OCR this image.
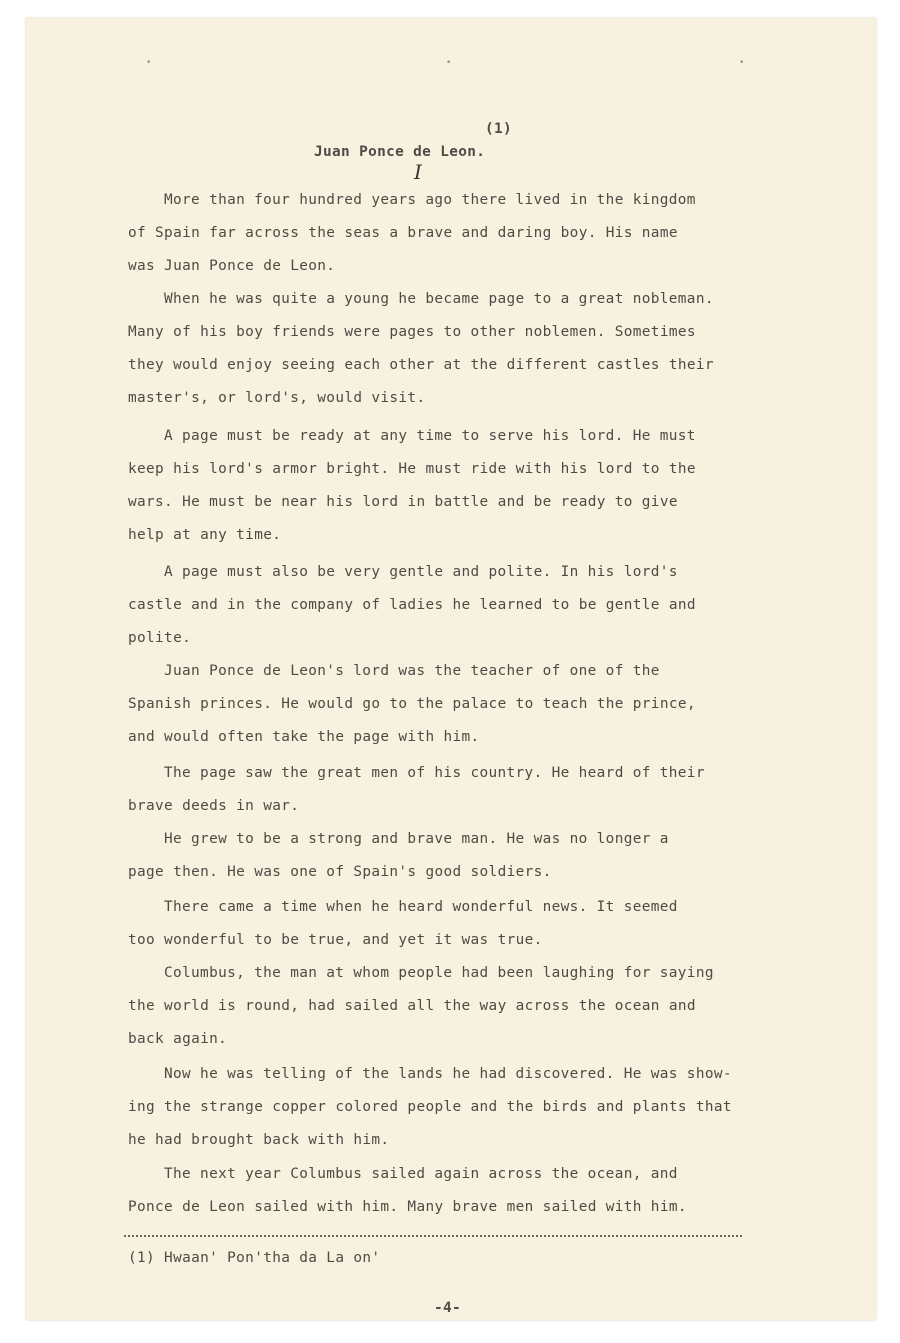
•	•	•
(1)
Juan Ponce de Leon.
I
More than four hundred years ago there lived in the kingdom
of Spain far across the seas a brave and daring boy. His name
was Juan Ponce de Leon.
When he was quite a young he became page to a great nobleman.
Many of his boy friends were pages to other noblemen. Sometimes
they would enjoy seeing each other at the different castles their
master's, or lord's, would visit.
A page must be ready at any time to serve his lord. He must
keep his lord's armor bright. He must ride with his lord to the
wars. He must be near his lord in battle and be ready to give
help at any time.
A page must also be very gentle and polite. In his lord's
castle and in the company of ladies he learned to be gentle and
polite.
Juan Ponce de Leon's lord was the teacher of one of the
Spanish princes. He would go to the palace to teach the prince,
and would often take the page with him.
The page saw the great men of his country. He heard of their
brave deeds in war.
He grew to be a strong and brave man. He was no longer a
page then. He was one of Spain's good soldiers.
There came a time when he heard wonderful news. It seemed
too wonderful to be true, and yet it was true.
Columbus, the man at whom people had been laughing for saying
the world is round, had sailed all the way across the ocean and
back again.
Now he was telling of the lands he had discovered. He was show-
ing the strange copper colored people and the birds and plants that
he had brought back with him.
The next year Columbus sailed again across the ocean, and
Ponce de Leon sailed with him. Many brave men sailed with him.
(1) Hwaan' Pon'tha da La on'
-4-
